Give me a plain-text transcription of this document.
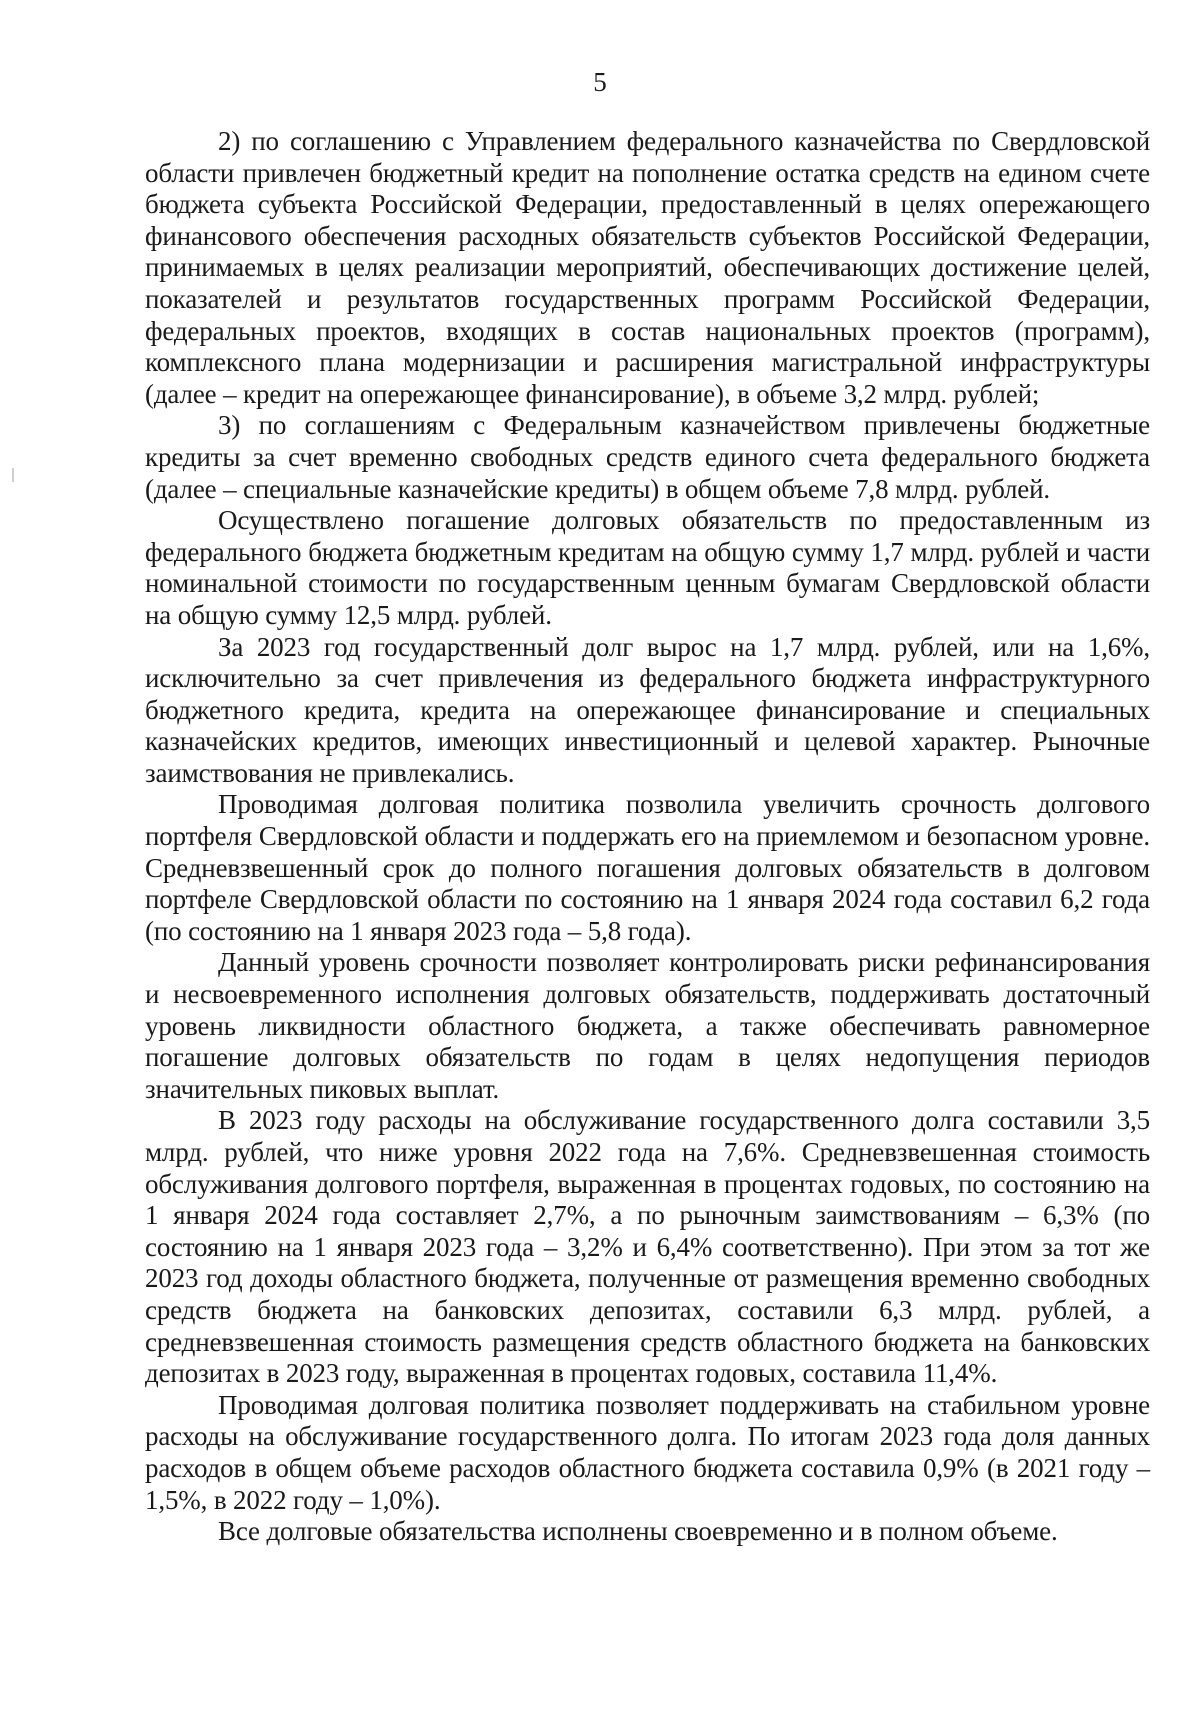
5

2) по соглашению с Управлением федерального казначейства по Свердловской области привлечен бюджетный кредит на пополнение остатка средств на едином счете бюджета субъекта Российской Федерации, предоставленный в целях опережающего финансового обеспечения расходных обязательств субъектов Российской Федерации, принимаемых в целях реализации мероприятий, обеспечивающих достижение целей, показателей и результатов государственных программ Российской Федерации, федеральных проектов, входящих в состав национальных проектов (программ), комплексного плана модернизации и расширения магистральной инфраструктуры (далее – кредит на опережающее финансирование), в объеме 3,2 млрд. рублей;

3) по соглашениям с Федеральным казначейством привлечены бюджетные кредиты за счет временно свободных средств единого счета федерального бюджета (далее – специальные казначейские кредиты) в общем объеме 7,8 млрд. рублей.

Осуществлено погашение долговых обязательств по предоставленным из федерального бюджета бюджетным кредитам на общую сумму 1,7 млрд. рублей и части номинальной стоимости по государственным ценным бумагам Свердловской области на общую сумму 12,5 млрд. рублей.

За 2023 год государственный долг вырос на 1,7 млрд. рублей, или на 1,6%, исключительно за счет привлечения из федерального бюджета инфраструктурного бюджетного кредита, кредита на опережающее финансирование и специальных казначейских кредитов, имеющих инвестиционный и целевой характер. Рыночные заимствования не привлекались.

Проводимая долговая политика позволила увеличить срочность долгового портфеля Свердловской области и поддержать его на приемлемом и безопасном уровне. Средневзвешенный срок до полного погашения долговых обязательств в долговом портфеле Свердловской области по состоянию на 1 января 2024 года составил 6,2 года (по состоянию на 1 января 2023 года – 5,8 года).

Данный уровень срочности позволяет контролировать риски рефинансирования и несвоевременного исполнения долговых обязательств, поддерживать достаточный уровень ликвидности областного бюджета, а также обеспечивать равномерное погашение долговых обязательств по годам в целях недопущения периодов значительных пиковых выплат.

В 2023 году расходы на обслуживание государственного долга составили 3,5 млрд. рублей, что ниже уровня 2022 года на 7,6%. Средневзвешенная стоимость обслуживания долгового портфеля, выраженная в процентах годовых, по состоянию на 1 января 2024 года составляет 2,7%, а по рыночным заимствованиям – 6,3% (по состоянию на 1 января 2023 года – 3,2% и 6,4% соответственно). При этом за тот же 2023 год доходы областного бюджета, полученные от размещения временно свободных средств бюджета на банковских депозитах, составили 6,3 млрд. рублей, а средневзвешенная стоимость размещения средств областного бюджета на банковских депозитах в 2023 году, выраженная в процентах годовых, составила 11,4%.

Проводимая долговая политика позволяет поддерживать на стабильном уровне расходы на обслуживание государственного долга. По итогам 2023 года доля данных расходов в общем объеме расходов областного бюджета составила 0,9% (в 2021 году – 1,5%, в 2022 году – 1,0%).

Все долговые обязательства исполнены своевременно и в полном объеме.
